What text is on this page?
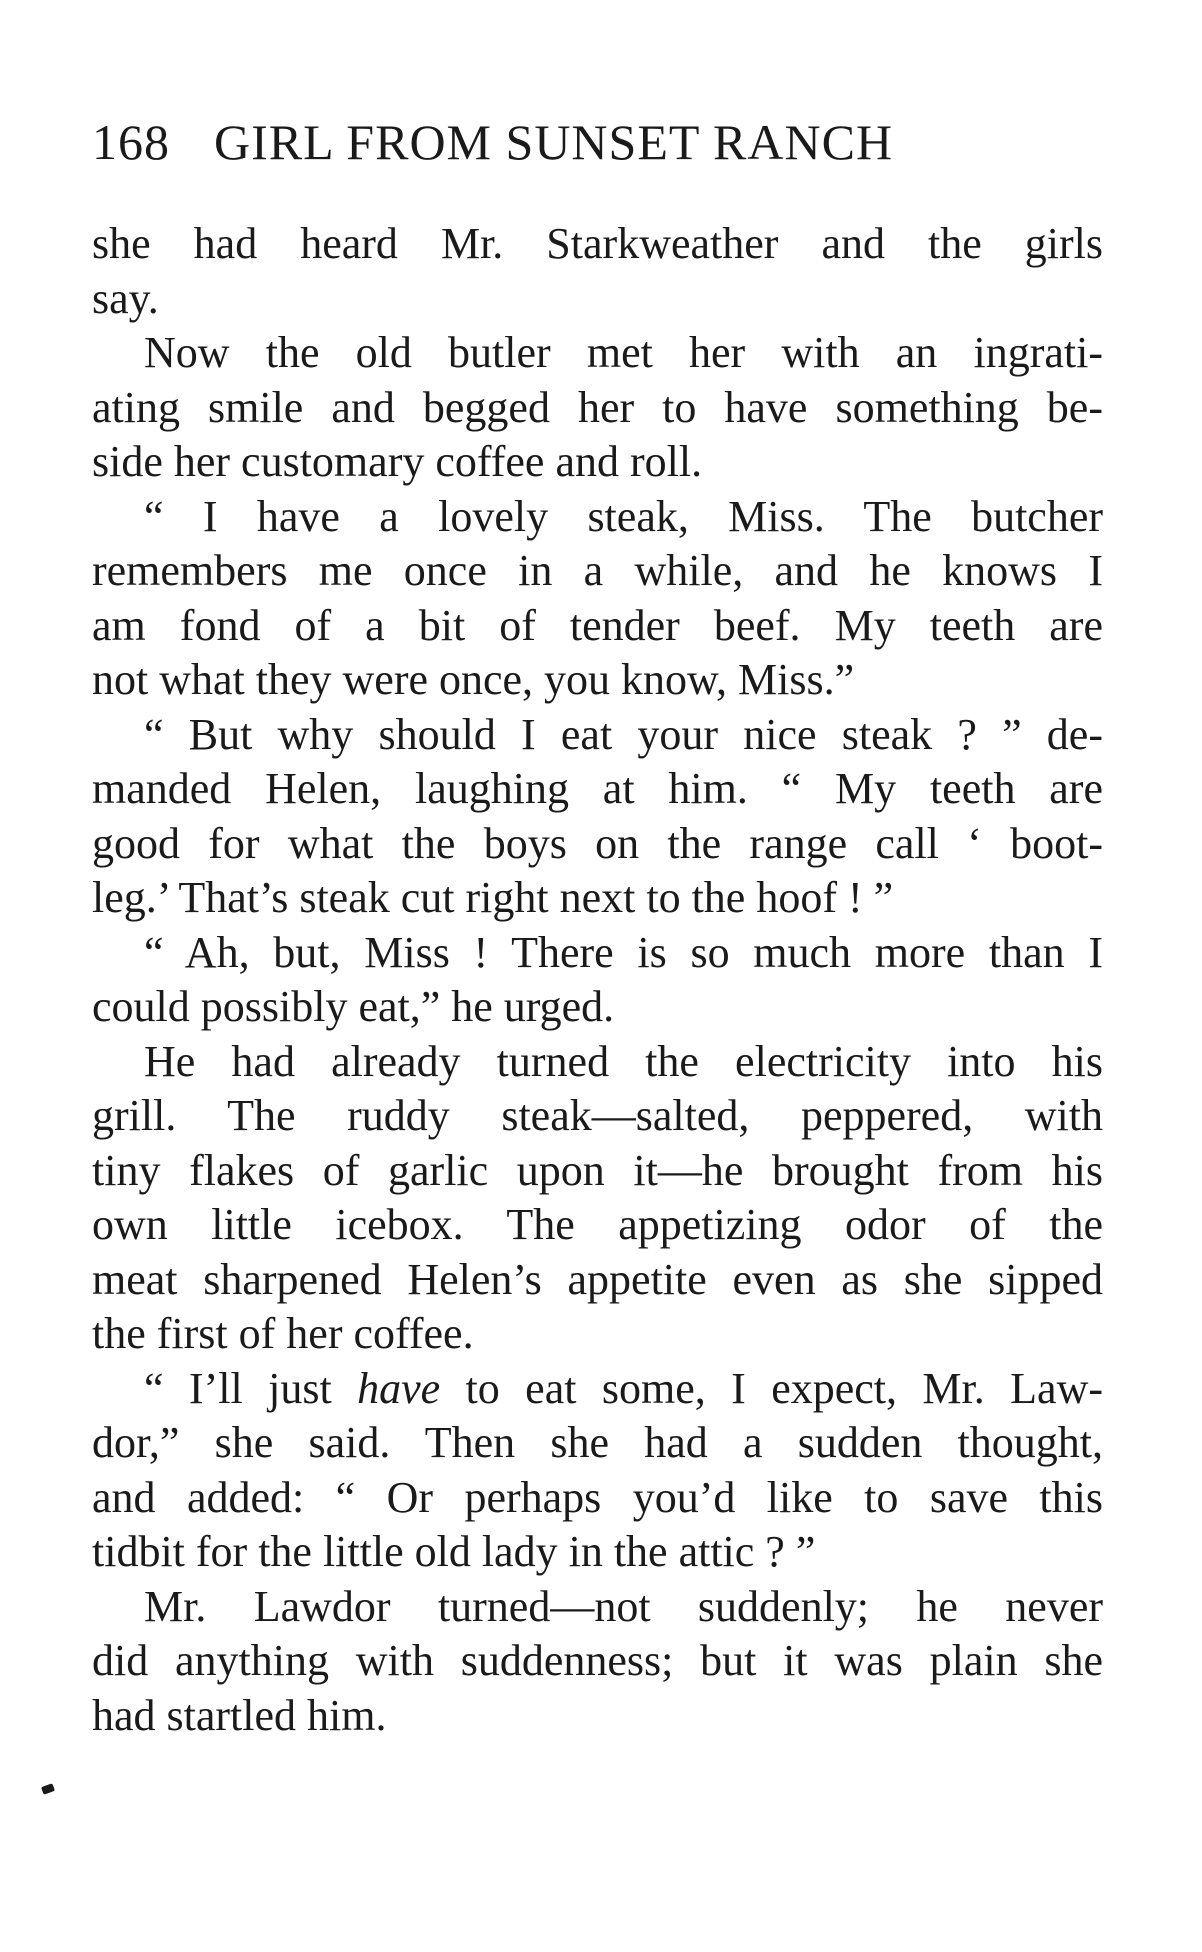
168 GIRL FROM SUNSET RANCH
she had heard Mr. Starkweather and the girls
say.
Now the old butler met her with an ingrati-
ating smile and begged her to have something be-
side her customary coffee and roll.
“ I have a lovely steak, Miss. The butcher
remembers me once in a while, and he knows I
am fond of a bit of tender beef. My teeth are
not what they were once, you know, Miss.”
“ But why should I eat your nice steak ? ” de-
manded Helen, laughing at him. “ My teeth are
good for what the boys on the range call ‘ boot-
leg.’ That’s steak cut right next to the hoof ! ”
“ Ah, but, Miss ! There is so much more than I
could possibly eat,” he urged.
He had already turned the electricity into his
grill. The ruddy steak—salted, peppered, with
tiny flakes of garlic upon it—he brought from his
own little icebox. The appetizing odor of the
meat sharpened Helen’s appetite even as she sipped
the first of her coffee.
“ I’ll just have to eat some, I expect, Mr. Law-
dor,” she said. Then she had a sudden thought,
and added: “ Or perhaps you’d like to save this
tidbit for the little old lady in the attic ? ”
Mr. Lawdor turned—not suddenly; he never
did anything with suddenness; but it was plain she
had startled him.
